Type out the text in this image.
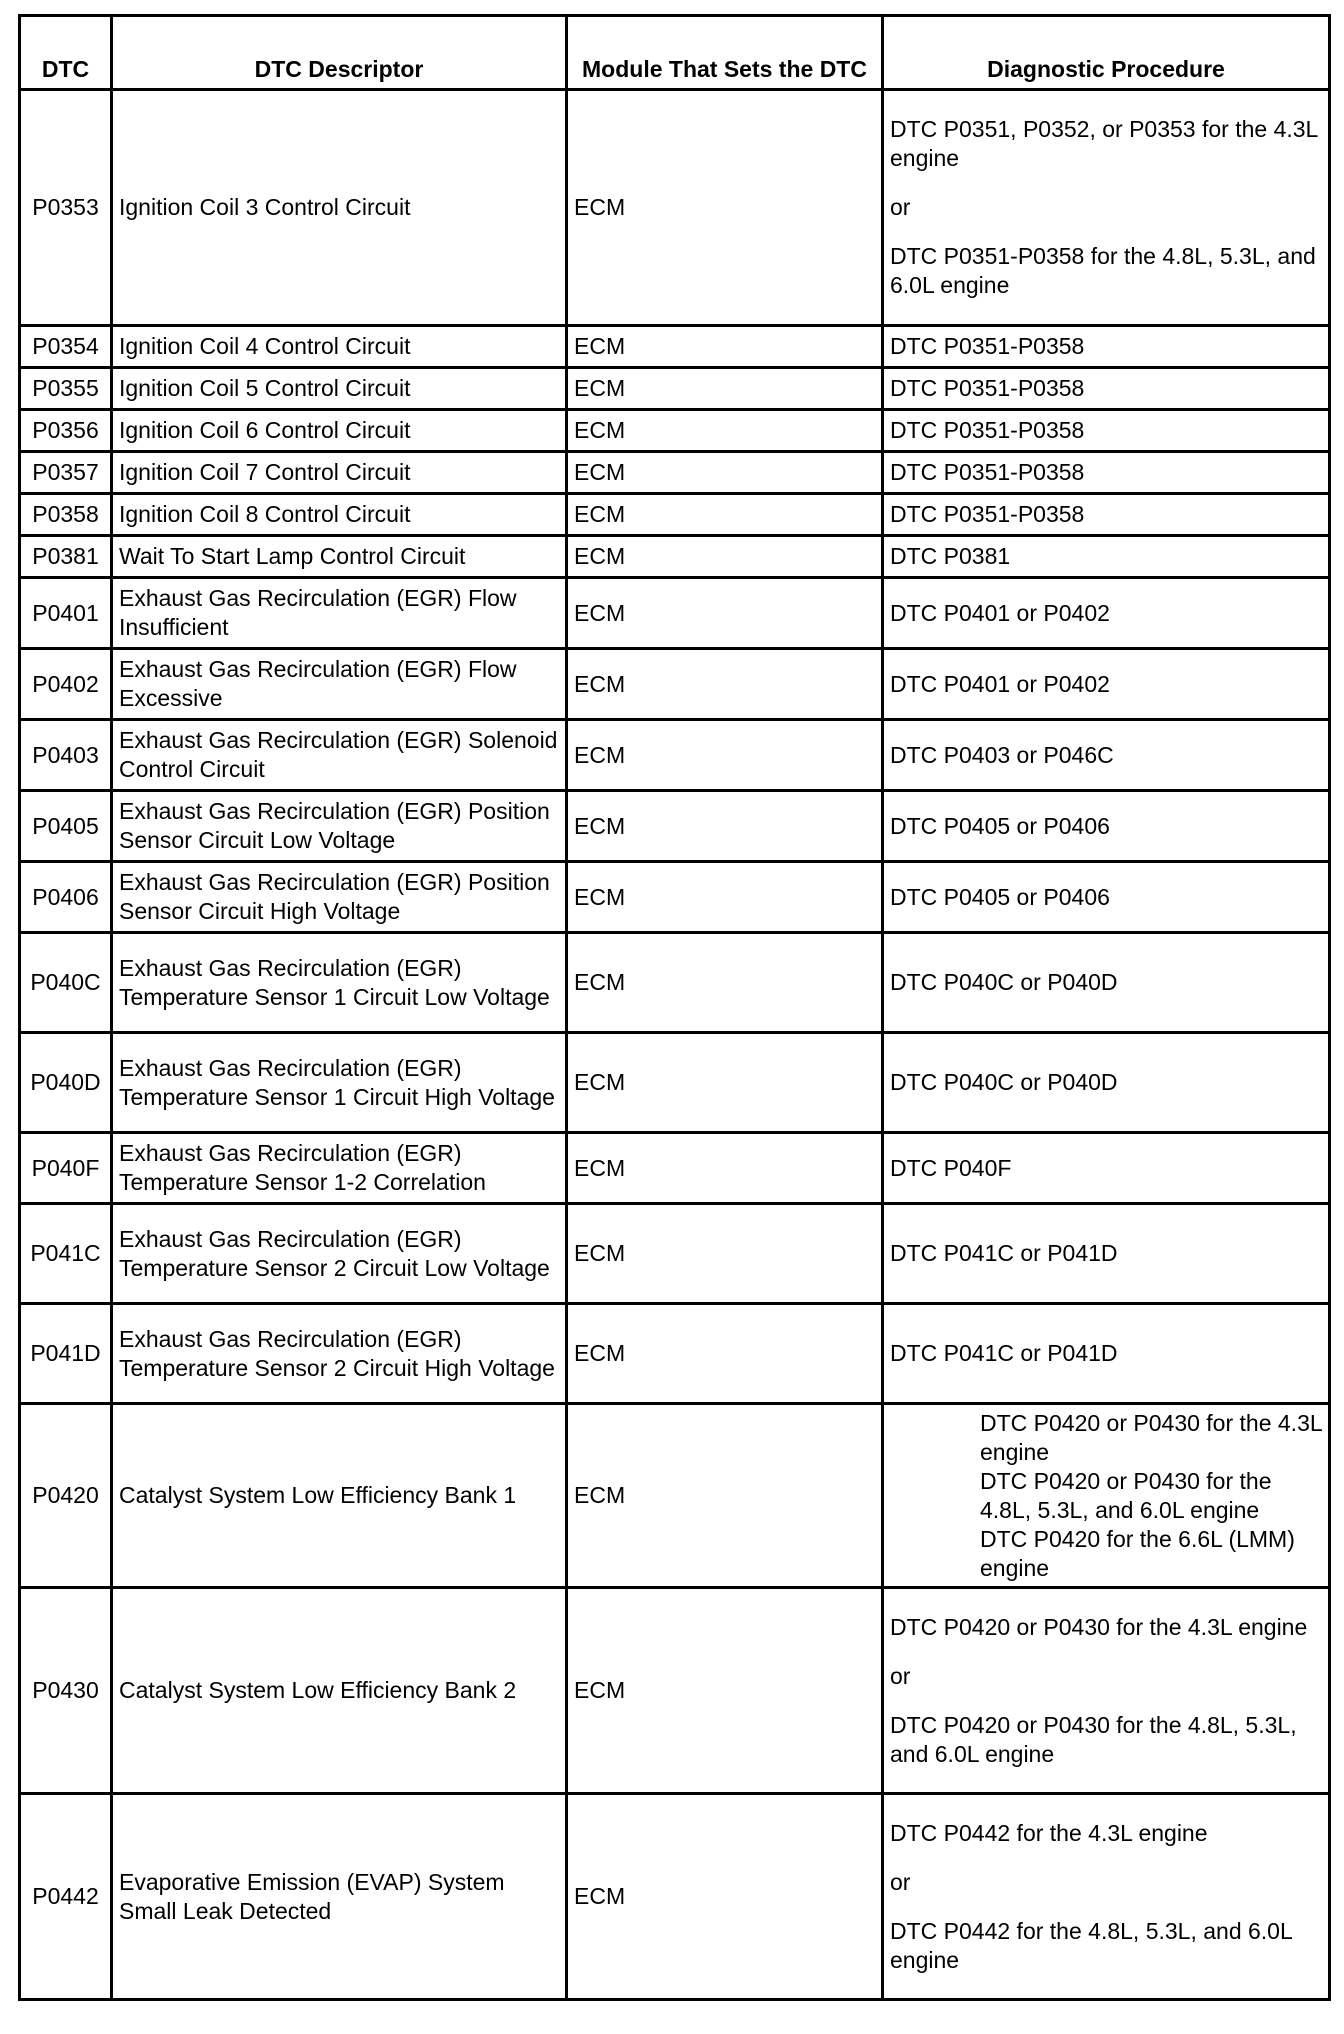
DTC	DTC Descriptor	Module That Sets the DTC	Diagnostic Procedure
P0353	Ignition Coil 3 Control Circuit	ECM	DTC P0351, P0352, or P0353 for the 4.3L engine
or
DTC P0351-P0358 for the 4.8L, 5.3L, and 6.0L engine

P0354	Ignition Coil 4 Control Circuit	ECM	DTC P0351-P0358
P0355	Ignition Coil 5 Control Circuit	ECM	DTC P0351-P0358
P0356	Ignition Coil 6 Control Circuit	ECM	DTC P0351-P0358
P0357	Ignition Coil 7 Control Circuit	ECM	DTC P0351-P0358
P0358	Ignition Coil 8 Control Circuit	ECM	DTC P0351-P0358
P0381	Wait To Start Lamp Control Circuit	ECM	DTC P0381
P0401	Exhaust Gas Recirculation (EGR) Flow Insufficient	ECM	DTC P0401 or P0402
P0402	Exhaust Gas Recirculation (EGR) Flow Excessive	ECM	DTC P0401 or P0402
P0403	Exhaust Gas Recirculation (EGR) Solenoid Control Circuit	ECM	DTC P0403 or P046C
P0405	Exhaust Gas Recirculation (EGR) Position Sensor Circuit Low Voltage	ECM	DTC P0405 or P0406
P0406	Exhaust Gas Recirculation (EGR) Position Sensor Circuit High Voltage	ECM	DTC P0405 or P0406
P040C	Exhaust Gas Recirculation (EGR) Temperature Sensor 1 Circuit Low Voltage	ECM	DTC P040C or P040D
P040D	Exhaust Gas Recirculation (EGR) Temperature Sensor 1 Circuit High Voltage	ECM	DTC P040C or P040D
P040F	Exhaust Gas Recirculation (EGR) Temperature Sensor 1-2 Correlation	ECM	DTC P040F
P041C	Exhaust Gas Recirculation (EGR) Temperature Sensor 2 Circuit Low Voltage	ECM	DTC P041C or P041D
P041D	Exhaust Gas Recirculation (EGR) Temperature Sensor 2 Circuit High Voltage	ECM	DTC P041C or P041D
P0420	Catalyst System Low Efficiency Bank 1	ECM	DTC P0420 or P0430 for the 4.3L engine
DTC P0420 or P0430 for the 4.8L, 5.3L, and 6.0L engine
DTC P0420 for the 6.6L (LMM) engine

P0430	Catalyst System Low Efficiency Bank 2	ECM	DTC P0420 or P0430 for the 4.3L engine
or
DTC P0420 or P0430 for the 4.8L, 5.3L, and 6.0L engine

P0442	Evaporative Emission (EVAP) System Small Leak Detected	ECM	DTC P0442 for the 4.3L engine
or
DTC P0442 for the 4.8L, 5.3L, and 6.0L engine
